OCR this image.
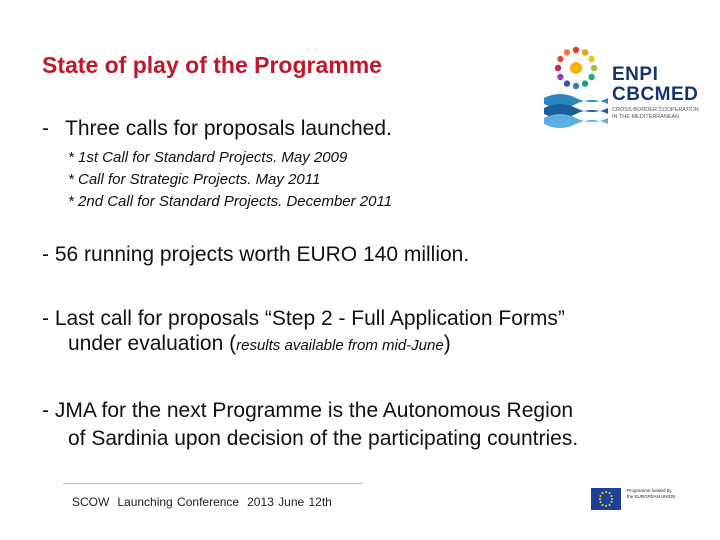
State of play of the Programme	ENPI
CBCMED
CROSS-BORDER COOPERATION IN THE MEDITERRANEAN
- Three calls for proposals launched.
* 1st Call for Standard Projects. May 2009
* Call for Strategic Projects. May 2011
* 2nd Call for Standard Projects. December 2011
- 56 running projects worth EURO 140 million.
- Last call for proposals “Step 2 - Full Application Forms”
under evaluation (results available from mid-June)
- JMA for the next Programme is the Autonomous Region
of Sardinia upon decision of the participating countries.
SCOW Launching Conference 2013 June 12th
Programme funded by the EUROPEAN UNION
